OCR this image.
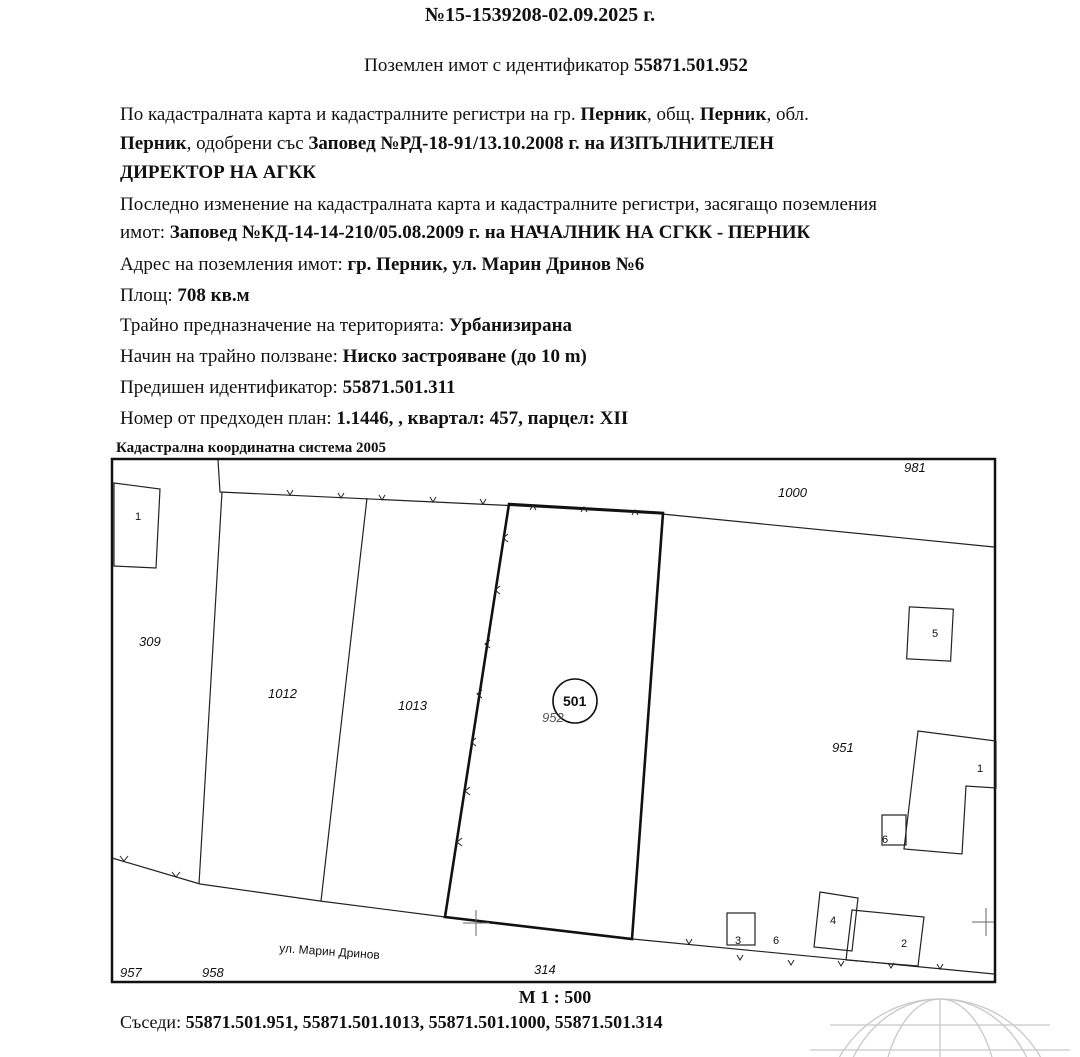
№15-1539208-02.09.2025 г.
Поземлен имот с идентификатор 55871.501.952
По кадастралната карта и кадастралните регистри на гр. Перник, общ. Перник, обл.
Перник, одобрени със Заповед №РД-18-91/13.10.2008 г. на ИЗПЪЛНИТЕЛЕН
ДИРЕКТОР НА АГКК
Последно изменение на кадастралната карта и кадастралните регистри, засягащо поземления
имот: Заповед №КД-14-14-210/05.08.2009 г. на НАЧАЛНИК НА СГКК - ПЕРНИК
Адрес на поземления имот: гр. Перник, ул. Марин Дринов №6
Площ: 708 кв.м
Трайно предназначение на територията: Урбанизирана
Начин на трайно ползване: Ниско застрояване (до 10 m)
Предишен идентификатор: 55871.501.311
Номер от предходен план: 1.1446, , квартал: 457, парцел: XII
Кадастрална координатна система 2005
981
1000
1
309
1012
1013	501
952
951
5
1
6
4
2
3	6
ул. Марин Дринов
957	958	314
М 1 : 500
Съседи: 55871.501.951, 55871.501.1013, 55871.501.1000, 55871.501.314
